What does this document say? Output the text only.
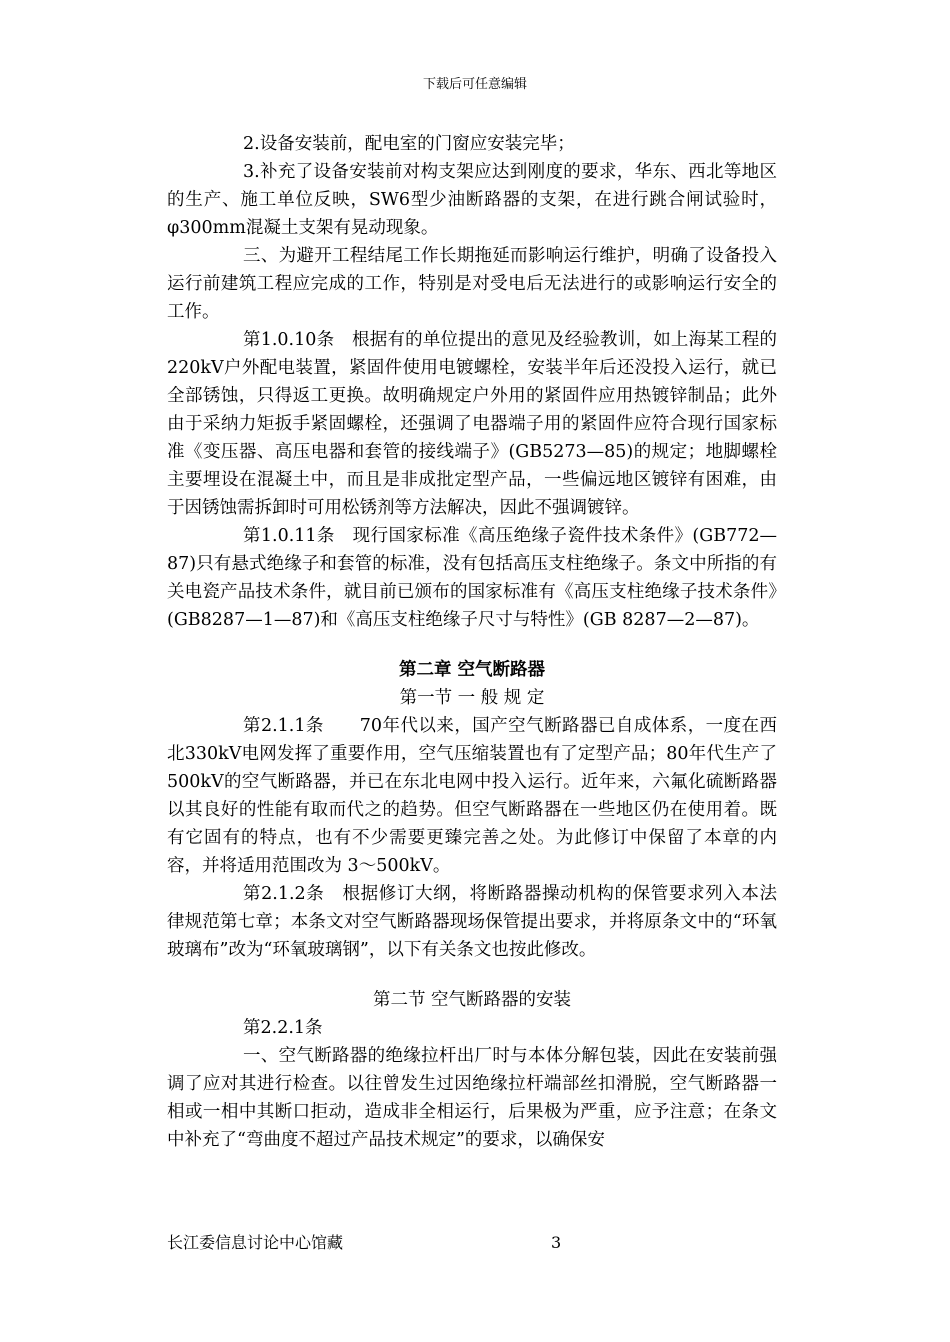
下载后可任意编辑

2.设备安装前，配电室的门窗应安装完毕；

3.补充了设备安装前对构支架应达到刚度的要求，华东、西北等地区的生产、施工单位反映，SW6型少油断路器的支架，在进行跳合闸试验时，φ300mm混凝土支架有晃动现象。

三、为避开工程结尾工作长期拖延而影响运行维护，明确了设备投入运行前建筑工程应完成的工作，特别是对受电后无法进行的或影响运行安全的工作。

第1.0.10条　根据有的单位提出的意见及经验教训，如上海某工程的220kV户外配电装置，紧固件使用电镀螺栓，安装半年后还没投入运行，就已全部锈蚀，只得返工更换。故明确规定户外用的紧固件应用热镀锌制品；此外由于采纳力矩扳手紧固螺栓，还强调了电器端子用的紧固件应符合现行国家标准《变压器、高压电器和套管的接线端子》(GB5273—85)的规定；地脚螺栓主要埋设在混凝土中，而且是非成批定型产品，一些偏远地区镀锌有困难，由于因锈蚀需拆卸时可用松锈剂等方法解决，因此不强调镀锌。

第1.0.11条　现行国家标准《高压绝缘子瓷件技术条件》(GB772—87)只有悬式绝缘子和套管的标准，没有包括高压支柱绝缘子。条文中所指的有关电瓷产品技术条件，就目前已颁布的国家标准有《高压支柱绝缘子技术条件》(GB8287—1—87)和《高压支柱绝缘子尺寸与特性》(GB 8287—2—87)。

第二章 空气断路器

第一节 一 般 规 定

第2.1.1条　　70年代以来，国产空气断路器已自成体系，一度在西北330kV电网发挥了重要作用，空气压缩装置也有了定型产品；80年代生产了500kV的空气断路器，并已在东北电网中投入运行。近年来，六氟化硫断路器以其良好的性能有取而代之的趋势。但空气断路器在一些地区仍在使用着。既有它固有的特点，也有不少需要更臻完善之处。为此修订中保留了本章的内容，并将适用范围改为 3～500kV。

第2.1.2条　根据修订大纲，将断路器操动机构的保管要求列入本法律规范第七章；本条文对空气断路器现场保管提出要求，并将原条文中的“环氧玻璃布”改为“环氧玻璃钢”，以下有关条文也按此修改。

第二节 空气断路器的安装

第2.2.1条

一、空气断路器的绝缘拉杆出厂时与本体分解包装，因此在安装前强调了应对其进行检查。以往曾发生过因绝缘拉杆端部丝扣滑脱，空气断路器一相或一相中其断口拒动，造成非全相运行，后果极为严重，应予注意；在条文中补充了“弯曲度不超过产品技术规定”的要求，以确保安

长江委信息讨论中心馆藏	3
